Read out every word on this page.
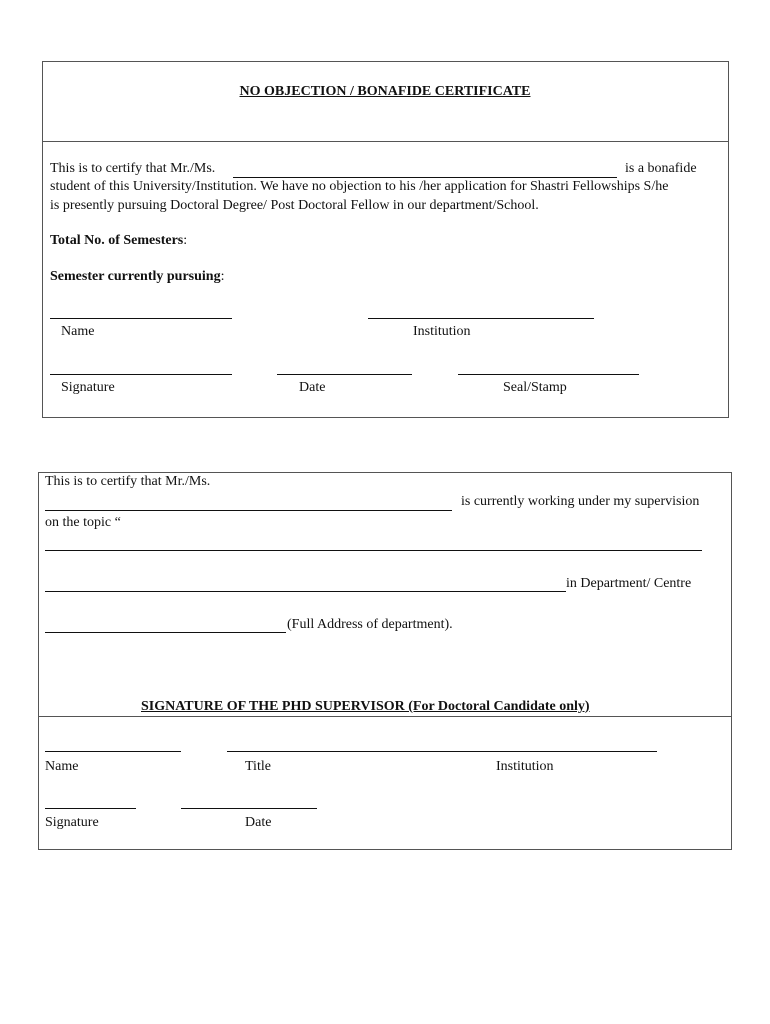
NO OBJECTION / BONAFIDE CERTIFICATE
This is to certify that Mr./Ms.	is a bonafide
student of this University/Institution. We have no objection to his /her application for Shastri Fellowships S/he
is presently pursuing Doctoral Degree/ Post Doctoral Fellow in our department/School.
Total No. of Semesters:
Semester currently pursuing:
Name	Institution
Signature	Date	Seal/Stamp
This is to certify that Mr./Ms.
is currently working under my supervision
on the topic “
in Department/ Centre
(Full Address of department).
SIGNATURE OF THE PHD SUPERVISOR (For Doctoral Candidate only)
Name	Title	Institution
Signature	Date
